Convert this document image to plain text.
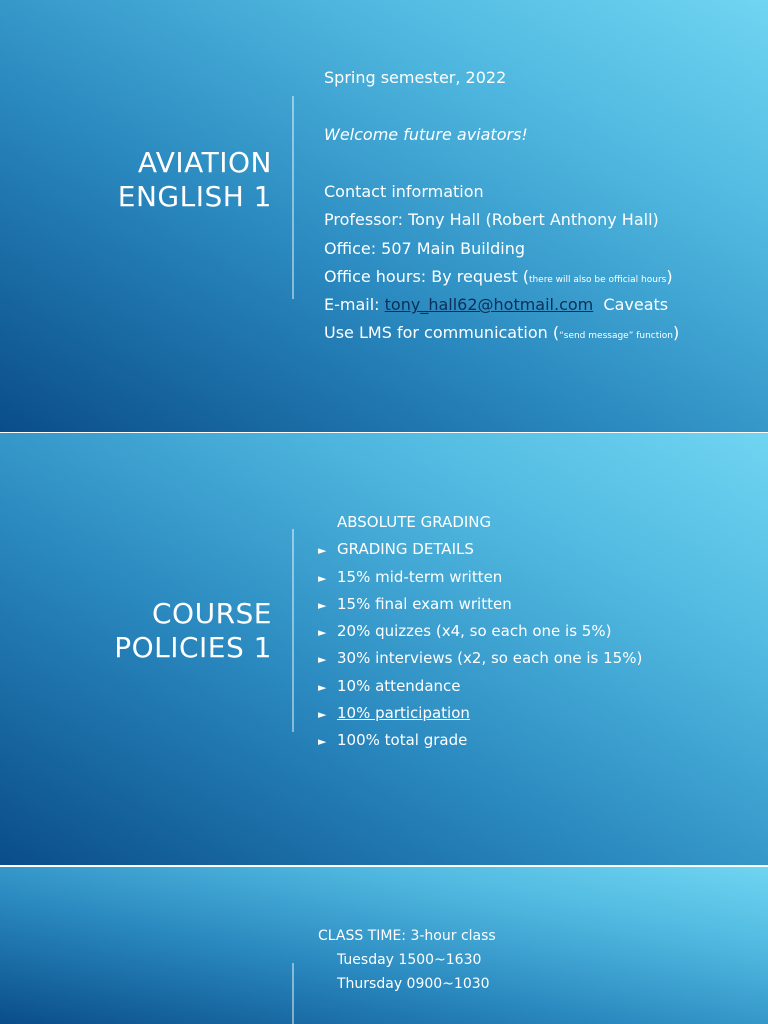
AVIATION
ENGLISH 1

Spring semester, 2022

Welcome future aviators!

Contact information

Professor: Tony Hall (Robert Anthony Hall)

Office: 507 Main Building

Office hours: By request (there will also be official hours)

E-mail: tony_hall62@hotmail.com Caveats

Use LMS for communication (“send message” function)

COURSE
POLICIES 1
ABSOLUTE GRADING
► GRADING DETAILS
► 15% mid-term written
► 15% final exam written
► 20% quizzes (x4, so each one is 5%)
► 30% interviews (x2, so each one is 15%)
► 10% attendance
► 10% participation
► 100% total grade

CLASS TIME: 3-hour class

Tuesday 1500~1630

Thursday 0900~1030
